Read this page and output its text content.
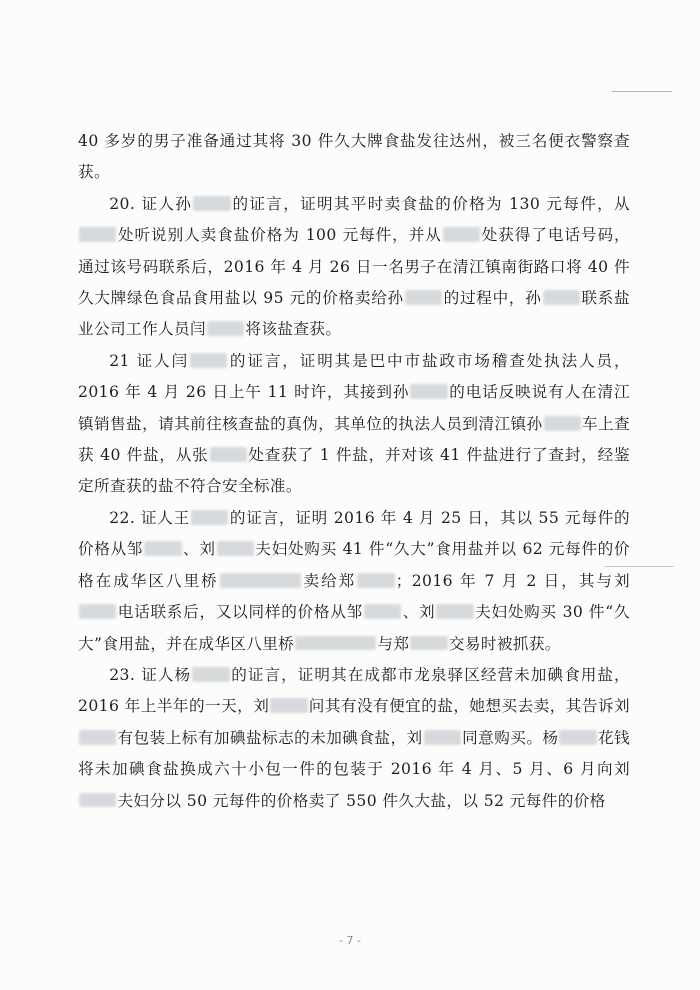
40 多岁的男子准备通过其将 30 件久大牌食盐发往达州，被三名便衣警察查获。

20. 证人孙	的证言，证明其平时卖食盐的价格为 130 元每件，从处听说别人卖食盐价格为 100 元每件，并从	处获得了电话号码，通过该号码联系后，2016 年 4 月 26 日一名男子在清江镇南街路口将 40 件久大牌绿色食品食用盐以 95 元的价格卖给孙	的过程中，孙	联系盐业公司工作人员闫	将该盐查获。

21 证人闫	的证言，证明其是巴中市盐政市场稽查处执法人员，2016 年 4 月 26 日上午 11 时许，其接到孙	的电话反映说有人在清江镇销售盐，请其前往核查盐的真伪，其单位的执法人员到清江镇孙	车上查获 40 件盐，从张	处查获了 1 件盐，并对该 41 件盐进行了查封，经鉴定所查获的盐不符合安全标准。

22. 证人王	的证言，证明 2016 年 4 月 25 日，其以 55 元每件的价格从邹	、刘	夫妇处购买 41 件“久大”食用盐并以 62 元每件的价格在成华区八里桥	卖给郑	；2016 年 7 月 2 日，其与刘电话联系后，又以同样的价格从邹	、刘	夫妇处购买 30 件“久大”食用盐，并在成华区八里桥	与郑	交易时被抓获。

23. 证人杨	的证言，证明其在成都市龙泉驿区经营未加碘食用盐，2016 年上半年的一天，刘	问其有没有便宜的盐，她想买去卖，其告诉刘有包装上标有加碘盐标志的未加碘食盐，刘	同意购买。杨	花钱将未加碘食盐换成六十小包一件的包装于 2016 年 4 月、5 月、6 月向刘夫妇分以 50 元每件的价格卖了 550 件久大盐，以 52 元每件的价格

- 7 -
